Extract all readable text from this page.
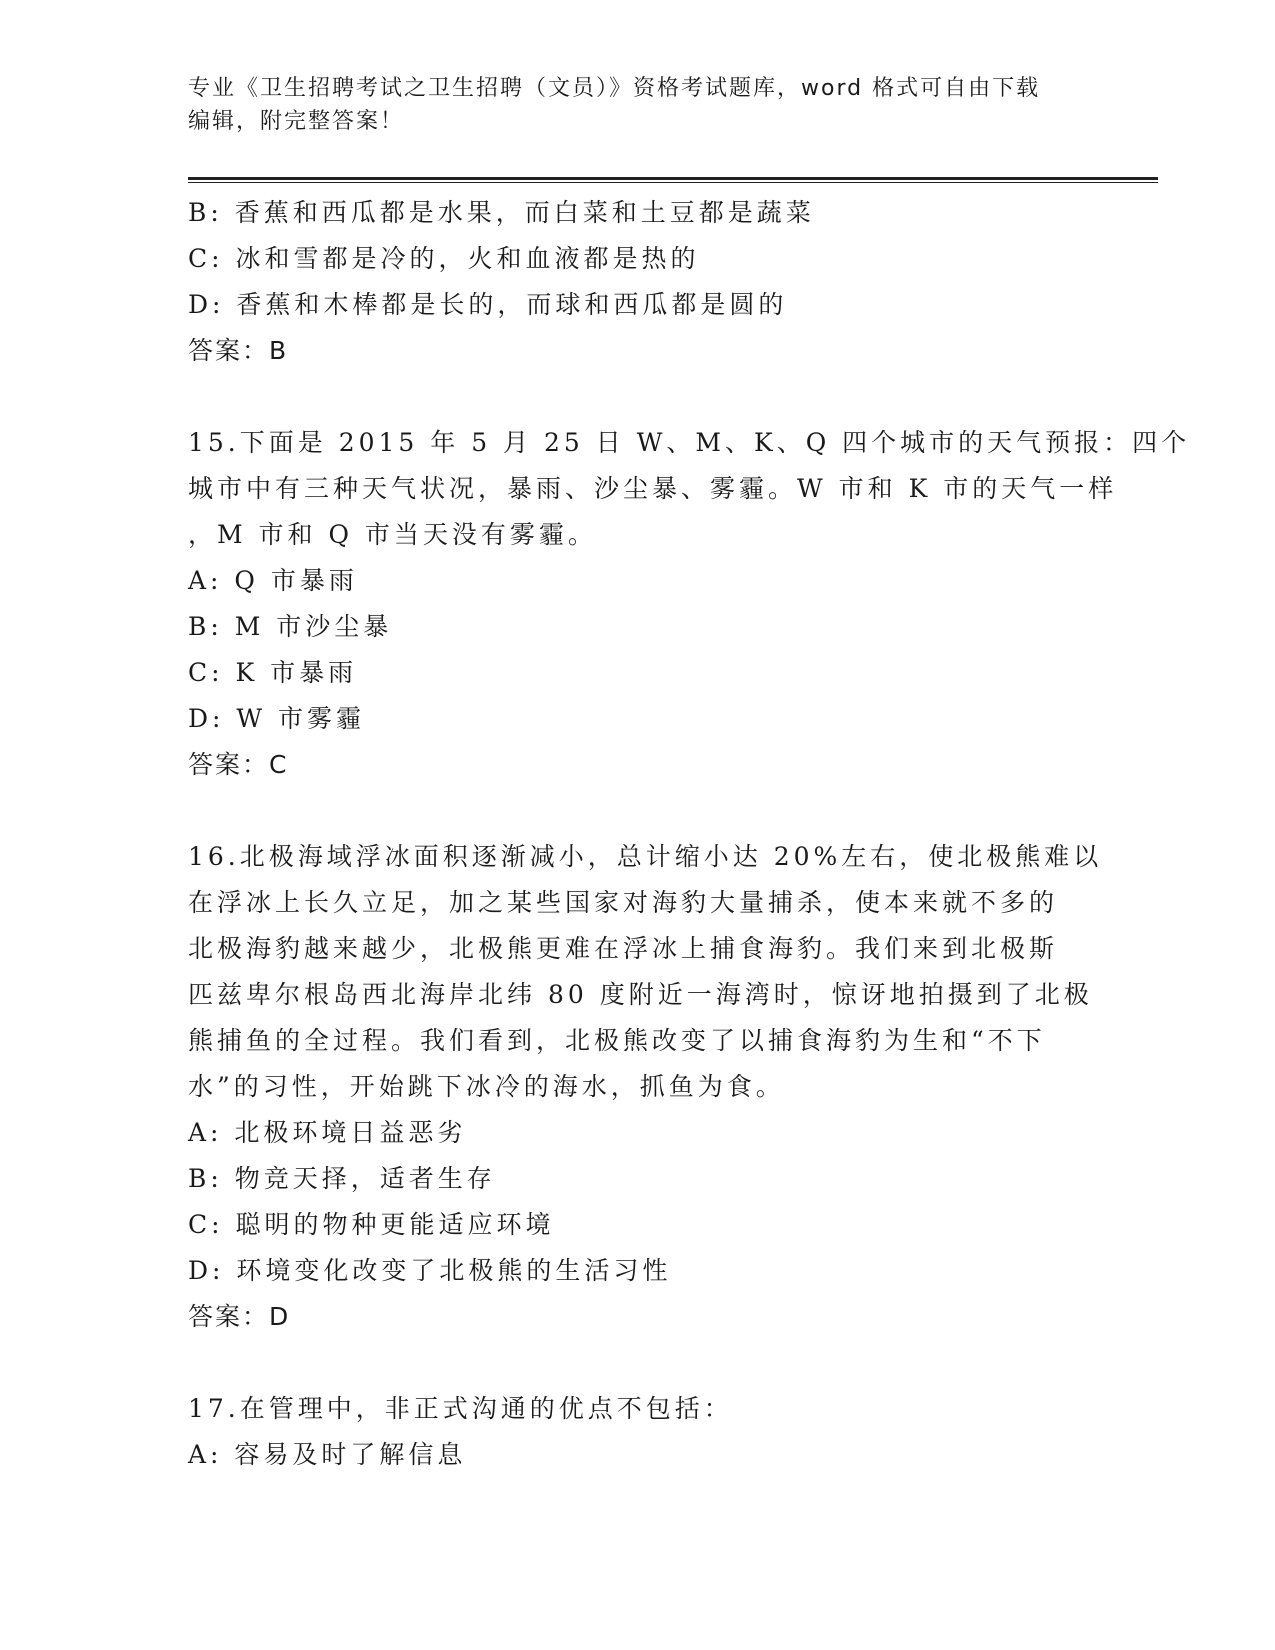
专业《卫生招聘考试之卫生招聘（文员）》资格考试题库，word 格式可自由下载
编辑，附完整答案！
B: 香蕉和西瓜都是水果，而白菜和土豆都是蔬菜
C: 冰和雪都是冷的，火和血液都是热的
D: 香蕉和木棒都是长的，而球和西瓜都是圆的
答案：B
15.下面是 2015 年 5 月 25 日 W、M、K、Q 四个城市的天气预报：四个
城市中有三种天气状况，暴雨、沙尘暴、雾霾。W 市和 K 市的天气一样
，M 市和 Q 市当天没有雾霾。
A: Q 市暴雨
B: M 市沙尘暴
C: K 市暴雨
D: W 市雾霾
答案：C
16.北极海域浮冰面积逐渐减小，总计缩小达 20%左右，使北极熊难以
在浮冰上长久立足，加之某些国家对海豹大量捕杀，使本来就不多的
北极海豹越来越少，北极熊更难在浮冰上捕食海豹。我们来到北极斯
匹兹卑尔根岛西北海岸北纬 80 度附近一海湾时，惊讶地拍摄到了北极
熊捕鱼的全过程。我们看到，北极熊改变了以捕食海豹为生和“不下
水”的习性，开始跳下冰冷的海水，抓鱼为食。
A: 北极环境日益恶劣
B: 物竞天择，适者生存
C: 聪明的物种更能适应环境
D: 环境变化改变了北极熊的生活习性
答案：D
17.在管理中，非正式沟通的优点不包括：
A: 容易及时了解信息
